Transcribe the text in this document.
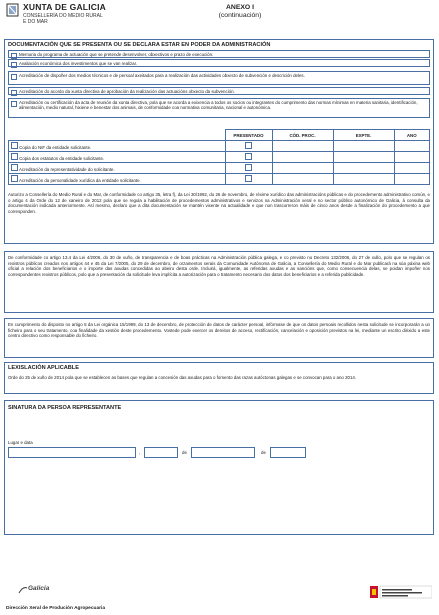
XUNTA DE GALICIA
CONSELLERÍA DO MEDIO RURAL
E DO MAR
ANEXO I
(continuación)
DOCUMENTACIÓN QUE SE PRESENTA OU SE DECLARA ESTAR EN PODER DA ADMINISTRACIÓN
Memoria do programa de actuación que se pretende desenvolver, obxectivos e prazo de execución.
Avaliación económica dos investimentos que se van realizar.
Acreditación de dispoñer dos medios técnicos e de persoal axeitados para a realización das actividades obxecto de subvención e descrición deles.
Acreditación do acordo da xunta directiva de aprobación da realización das actuacións obxecto da subvención.
Acreditación ou certificación da acta de reunión da xunta directiva, pola que se acorda a exixencia a todos os socios ou integrantes do cumprimento das normas mínimas en materia sanitaria, identificación, alimentación, medio natural, hixiene e benestar dos animais, de conformidade coa normativa comunitaria, nacional e autonómica.
	PRESENTADO	CÓD. PROC.	EXPTE.	ANO
Copia do NIF da entidade solicitante.				
Copia dos estatutos da entidade solicitante.				
Acreditación da representatividade do solicitante.				
Acreditación da personalidade xurídica da entidade solicitante.				
Autorizo a Consellería do Medio Rural e do Mar, de conformidade co artigo 35, letra f), da Lei 30/1992, do 26 de novembro, de réxime xurídico das administracións públicas e do procedemento administrativo común, e o artigo 4 da Orde do 12 de xaneiro de 2012 pola que se regula a habilitación de procedementos administrativos e servizos na Administración xeral e no sector público autonómico de Galicia, á consulta da documentación indicada anteriormente. Así mesmo, declaro que a dita documentación se mantén vixente na actualidade e que non trascorreron máis de cinco anos desde a finalización do procedemento a que corresponden.
De conformidade co artigo 13.4 da Lei 4/2006, do 30 de xuño, de transparencia e de boas prácticas na Administración pública galega, e co previsto no Decreto 132/2006, do 27 de xullo, polo que se regulan os rexistros públicos creados nos artigos 44 e 45 da Lei 7/2005, do 29 de decembro, de orzamentos xerais da Comunidade Autónoma de Galicia, a Consellería do Medio Rural e do Mar publicará na súa páxina web oficial a relación dos beneficiarios e o importe das axudas concedidas ao abeiro desta orde. Incluirá, igualmente, as referidas axudas e as sancións que, como consecuencia delas, se poidan impoñer nos correspondentes rexistros públicos, polo que a presentación da solicitude leva implícita a autorización para o tratamento necesario dos datos dos beneficiarios e a referida publicidade.
En cumprimento do disposto no artigo 5 da Lei orgánica 15/1999, do 13 de decembro, de protección de datos de carácter persoal, infórmase de que os datos persoais recollidos nesta solicitude se incorporarán a un ficheiro para o seu tratamento, coa finalidade da xestión deste procedemento. Vostede pode exercer os dereitos de acceso, rectificación, cancelación e oposición previstos na lei, mediante un escrito dirixido a este centro directivo como responsable do ficheiro.
LEXISLACIÓN APLICABLE
Orde do 25 de xuño de 2014 pola que se establecen as bases que regulan a concesión das axudas para o fomento das razas autóctonas galegas e se convocan para o ano 2014.
SINATURA DA PERSOA REPRESENTANTE
Lugar e data
,	de	de
Galicia
Dirección Xeral de Produción Agropecuaria
